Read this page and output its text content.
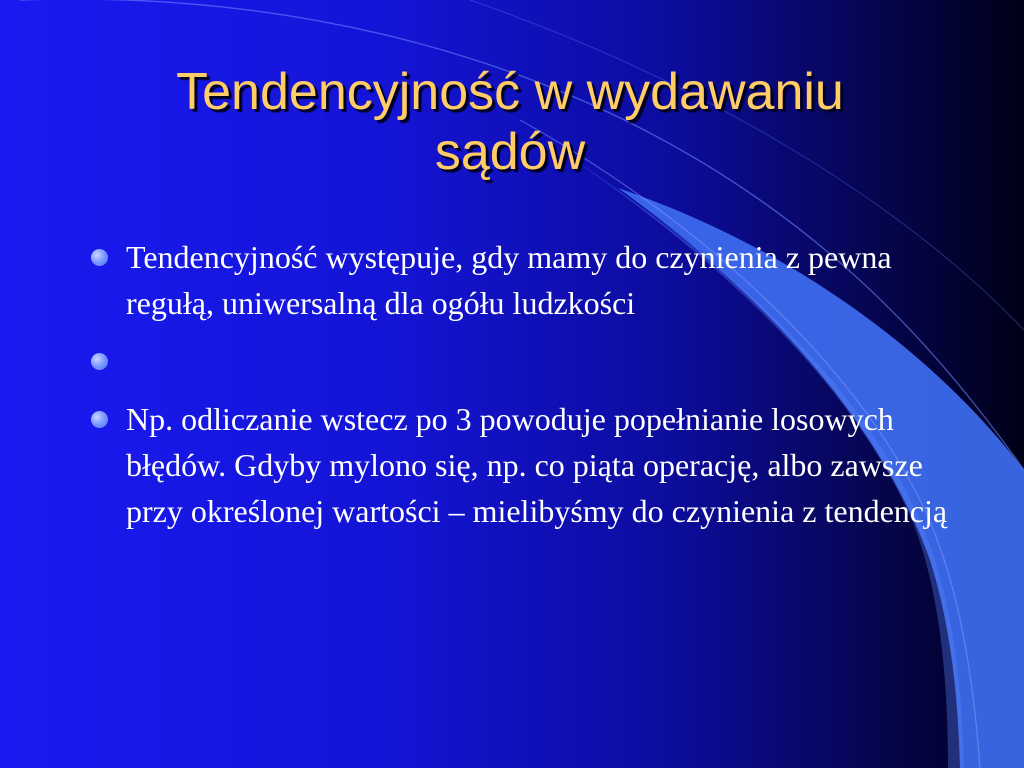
Tendencyjność w wydawaniu
sądów
Tendencyjność występuje, gdy mamy do czynienia z pewna regułą, uniwersalną dla ogółu ludzkości
Np. odliczanie wstecz po 3 powoduje popełnianie losowych błędów. Gdyby mylono się, np. co piąta operację, albo zawsze przy określonej wartości – mielibyśmy do czynienia z tendencją
